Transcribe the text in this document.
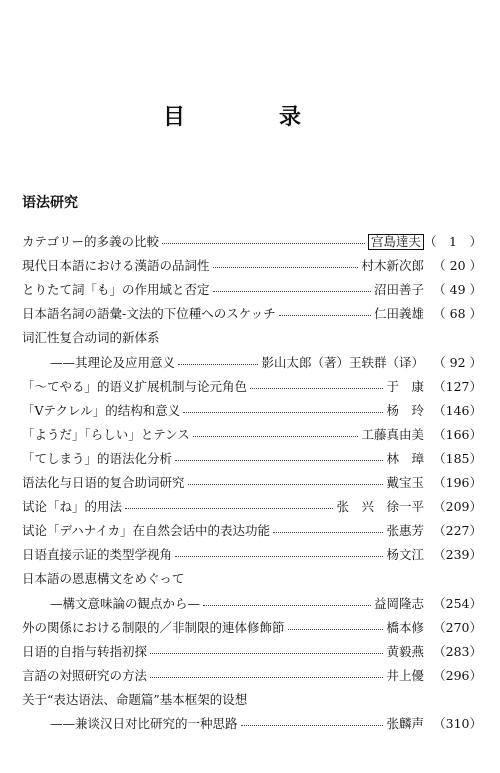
目　录
语法研究
カテゴリー的多義の比較	宫島達夫 （　1　）
現代日本語における漢語の品詞性	村木新次郎 （ 20 ）
とりたて詞「も」の作用域と否定	沼田善子 （ 49 ）
日本語名詞の語彙-文法的下位種へのスケッチ	仁田義雄 （ 68 ）
词汇性复合动词的新体系
——其理论及应用意义	影山太郎（著）王轶群（译） （ 92 ）
「〜てやる」的语义扩展机制与论元角色	于　康 （127）
「Vテクレル」的结构和意义	杨　玲 （146）
「ようだ」「らしい」とテンス	工藤真由美 （166）
「てしまう」的语法化分析	林　璋 （185）
语法化与日语的复合助词研究	戴宝玉 （196）
试论「ね」的用法	张　兴　徐一平 （209）
试论「デハナイカ」在自然会话中的表达功能	张惠芳 （227）
日语直接示证的类型学视角	杨文江 （239）
日本語の恩恵構文をめぐって
—構文意味論の観点から—	益岡隆志 （254）
外の関係における制限的／非制限的連体修飾節	橋本修 （270）
日语的自指与转指初探	黄毅燕 （283）
言語の対照研究の方法	井上優 （296）
关于“表达语法、命题篇”基本框架的设想
——兼谈汉日对比研究的一种思路	张麟声 （310）
